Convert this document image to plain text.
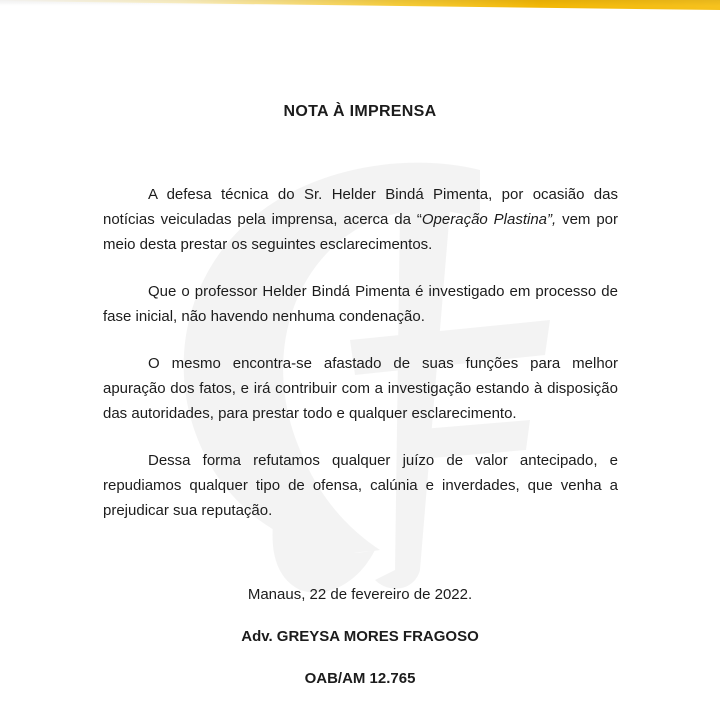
NOTA À IMPRENSA

A defesa técnica do Sr. Helder Bindá Pimenta, por ocasião das notícias veiculadas pela imprensa, acerca da “Operação Plastina”, vem por meio desta prestar os seguintes esclarecimentos.

Que o professor Helder Bindá Pimenta é investigado em processo de fase inicial, não havendo nenhuma condenação.

O mesmo encontra-se afastado de suas funções para melhor apuração dos fatos, e irá contribuir com a investigação estando à disposição das autoridades, para prestar todo e qualquer esclarecimento.

Dessa forma refutamos qualquer juízo de valor antecipado, e repudiamos qualquer tipo de ofensa, calúnia e inverdades, que venha a prejudicar sua reputação.

Manaus, 22 de fevereiro de 2022.
Adv. GREYSA MORES FRAGOSO
OAB/AM 12.765
